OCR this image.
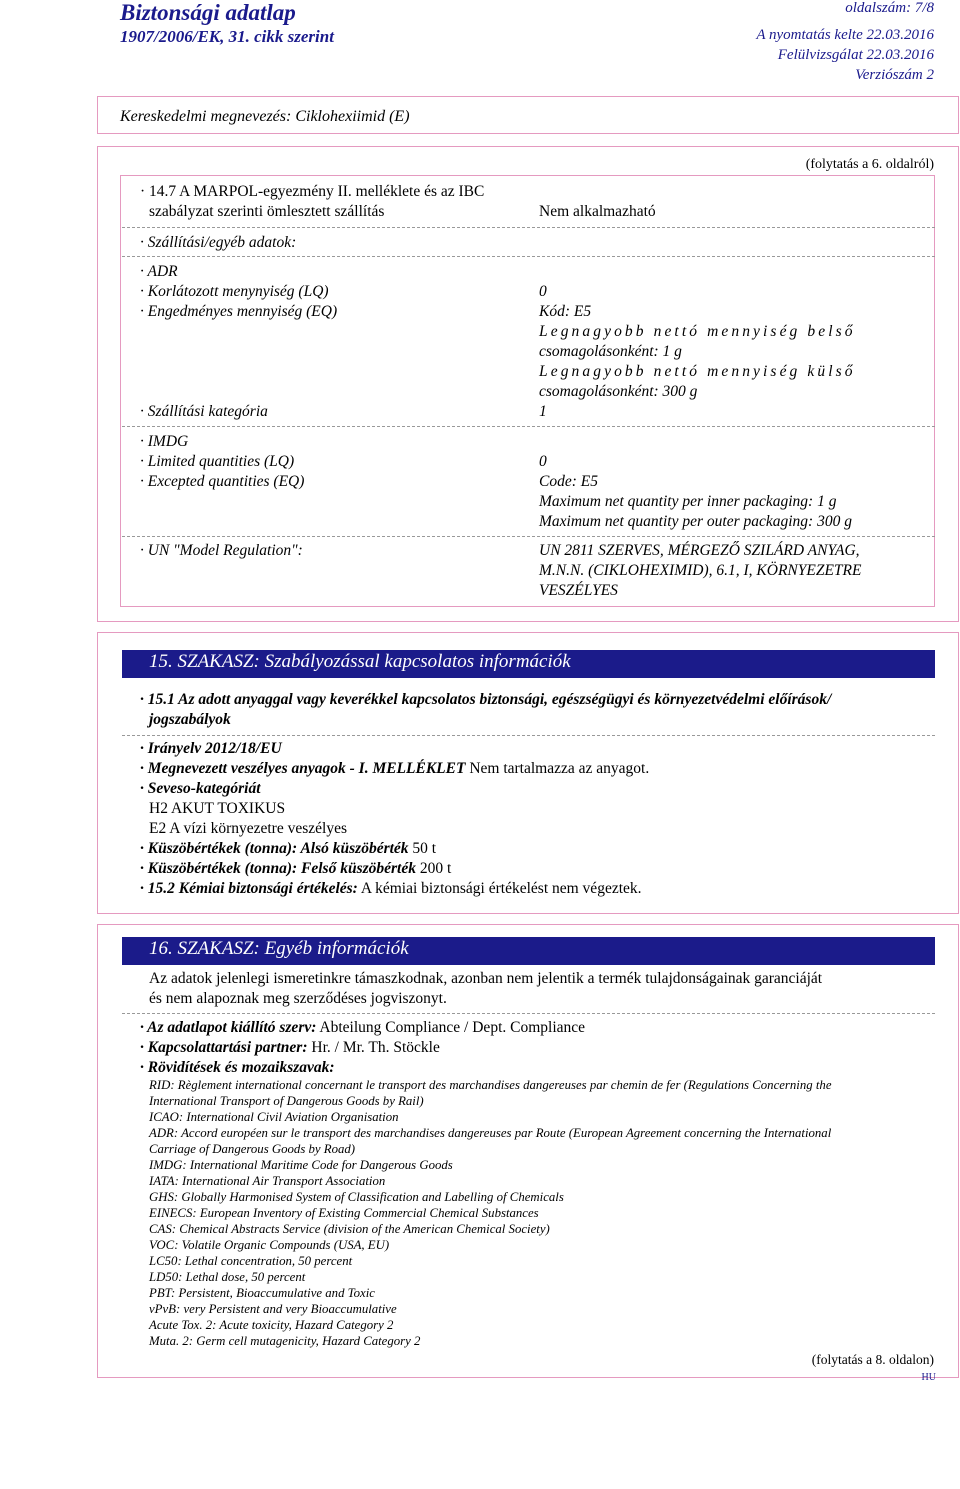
Biztonsági adatlap
1907/2006/EK, 31. cikk szerint
oldalszám: 7/8
A nyomtatás kelte 22.03.2016
Felülvizsgálat 22.03.2016
Verziószám 2
Kereskedelmi megnevezés: Ciklohexiimid (E)
(folytatás a 6. oldalról)
· 14.7 A MARPOL-egyezmény II. melléklete és az IBC
szabályzat szerinti ömlesztett szállítás	Nem alkalmazható
· Szállítási/egyéb adatok:
· ADR
· Korlátozott menynyiség (LQ)	0
· Engedményes mennyiség (EQ)	Kód: E5
Legnagyobb nettó mennyiség belső
csomagolásonként: 1 g
Legnagyobb nettó mennyiség külső
csomagolásonként: 300 g
· Szállítási kategória	1
· IMDG
· Limited quantities (LQ)	0
· Excepted quantities (EQ)	Code: E5
Maximum net quantity per inner packaging: 1 g
Maximum net quantity per outer packaging: 300 g
· UN "Model Regulation":	UN 2811 SZERVES, MÉRGEZŐ SZILÁRD ANYAG,
M.N.N. (CIKLOHEXIMID), 6.1, I, KÖRNYEZETRE
VESZÉLYES
15. SZAKASZ: Szabályozással kapcsolatos információk
· 15.1 Az adott anyaggal vagy keverékkel kapcsolatos biztonsági, egészségügyi és környezetvédelmi előírások/
jogszabályok
· Irányelv 2012/18/EU
· Megnevezett veszélyes anyagok - I. MELLÉKLET Nem tartalmazza az anyagot.
· Seveso-kategóriát
H2 AKUT TOXIKUS
E2 A vízi környezetre veszélyes
· Küszöbértékek (tonna): Alsó küszöbérték 50 t
· Küszöbértékek (tonna): Felső küszöbérték 200 t
· 15.2 Kémiai biztonsági értékelés: A kémiai biztonsági értékelést nem végeztek.
16. SZAKASZ: Egyéb információk
Az adatok jelenlegi ismeretinkre támaszkodnak, azonban nem jelentik a termék tulajdonságainak garanciáját
és nem alapoznak meg szerződéses jogviszonyt.
· Az adatlapot kiállító szerv: Abteilung Compliance / Dept. Compliance
· Kapcsolattartási partner: Hr. / Mr. Th. Stöckle
· Rövidítések és mozaikszavak:
RID: Règlement international concernant le transport des marchandises dangereuses par chemin de fer (Regulations Concerning the
International Transport of Dangerous Goods by Rail)
ICAO: International Civil Aviation Organisation
ADR: Accord européen sur le transport des marchandises dangereuses par Route (European Agreement concerning the International
Carriage of Dangerous Goods by Road)
IMDG: International Maritime Code for Dangerous Goods
IATA: International Air Transport Association
GHS: Globally Harmonised System of Classification and Labelling of Chemicals
EINECS: European Inventory of Existing Commercial Chemical Substances
CAS: Chemical Abstracts Service (division of the American Chemical Society)
VOC: Volatile Organic Compounds (USA, EU)
LC50: Lethal concentration, 50 percent
LD50: Lethal dose, 50 percent
PBT: Persistent, Bioaccumulative and Toxic
vPvB: very Persistent and very Bioaccumulative
Acute Tox. 2: Acute toxicity, Hazard Category 2
Muta. 2: Germ cell mutagenicity, Hazard Category 2
(folytatás a 8. oldalon)
HU
